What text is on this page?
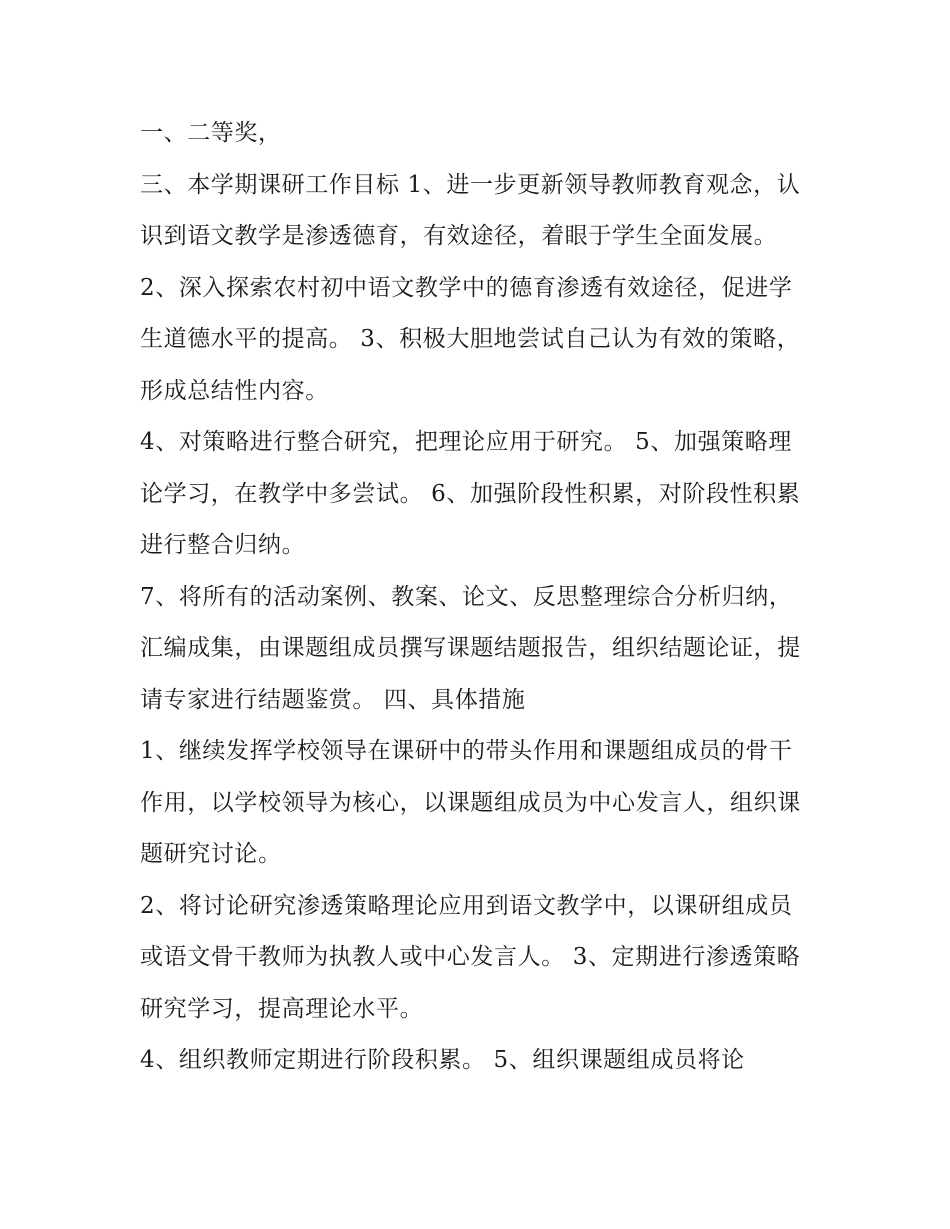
一、二等奖，

三、本学期课研工作目标 1、进一步更新领导教师教育观念，认识到语文教学是渗透德育，有效途径，着眼于学生全面发展。

2、深入探索农村初中语文教学中的德育渗透有效途径，促进学生道德水平的提高。 3、积极大胆地尝试自己认为有效的策略，形成总结性内容。

4、对策略进行整合研究，把理论应用于研究。 5、加强策略理论学习，在教学中多尝试。 6、加强阶段性积累，对阶段性积累进行整合归纳。

7、将所有的活动案例、教案、论文、反思整理综合分析归纳，汇编成集，由课题组成员撰写课题结题报告，组织结题论证，提请专家进行结题鉴赏。 四、具体措施

1、继续发挥学校领导在课研中的带头作用和课题组成员的骨干作用，以学校领导为核心，以课题组成员为中心发言人，组织课题研究讨论。

2、将讨论研究渗透策略理论应用到语文教学中，以课研组成员或语文骨干教师为执教人或中心发言人。 3、定期进行渗透策略研究学习，提高理论水平。

4、组织教师定期进行阶段积累。 5、组织课题组成员将论
